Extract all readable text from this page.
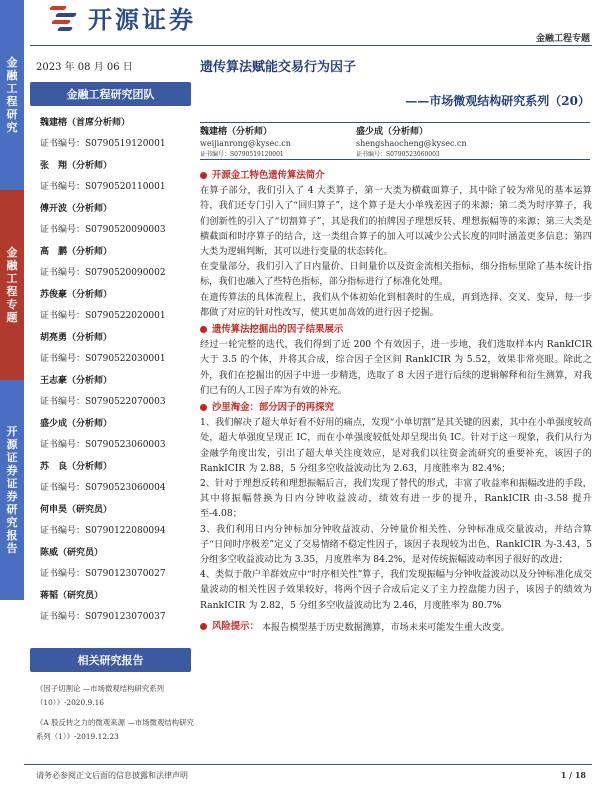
金
融
工
程
研
究
金
融
工
程
专
题
开
源
证
券
证
券
研
究
报
告
开源证券
金融工程专题
2023 年 08 月 06 日
金融工程研究团队
魏建榕（首席分析师）
证书编号：S0790519120001
张　翔（分析师）
证书编号：S0790520110001
傅开波（分析师）
证书编号：S0790520090003
高　鹏（分析师）
证书编号：S0790520090002
苏俊豪（分析师）
证书编号：S0790522020001
胡亮勇（分析师）
证书编号：S0790522030001
王志豪（分析师）
证书编号：S0790522070003
盛少成（分析师）
证书编号：S0790523060003
苏　良（分析师）
证书编号：S0790523060004
何申昊（研究员）
证书编号：S0790122080094
陈威（研究员）
证书编号：S0790123070027
蒋韬（研究员）
证书编号：S0790123070037
相关研究报告

《因子切割论 —市场微观结构研究系列（10）》-2020.9.16

《A 股反转之力的微观来源 —市场微观结构研究系列（1）》-2019.12.23

遗传算法赋能交易行为因子
——市场微观结构研究系列（20）
魏建榕（分析师）
weijianrong@kysec.cn
证书编号：S0790519120001
盛少成（分析师）
shengshaocheng@kysec.cn
证书编号：S0790523060003
开源金工特色遗传算法简介

在算子部分，我们引入了 4 大类算子，第一大类为横截面算子，其中除了较为常见的基本运算符，我们还专门引入了“回归算子”，这个算子是大小单残差因子的来源；第二类为时序算子，我们创新性的引入了“切割算子”，其是我们的拍牌因子理想反转、理想振幅等的来源；第三大类是横截面和时序算子的结合，这一类组合算子的加入可以减少公式长度的同时涵盖更多信息；第四大类为逻辑判断，其可以进行变量的状态转化。

在变量部分，我们引入了日内量价、日间量价以及资金流相关指标，细分指标里除了基本统计指标，我们也融入了些特色指标，部分指标进行了标准化处理。

在遗传算法的具体流程上，我们从个体初始化到相袭时的生成，再到选择、交叉、变异，每一步都做了对应的针对性改写，使其更加高效的进行因子挖掘。

遗传算法挖掘出的因子结果展示

经过一轮完整的迭代，我们得到了近 200 个有效因子，进一步地，我们选取样本内 RankICIR 大于 3.5 的个体，并将其合成，综合因子全区间 RankICIR 为 5.52，效果非常亮眼。除此之外，我们在挖掘出的因子中进一步精选，选取了 8 大因子进行后续的逻辑解释和衍生测算，对我们已有的人工因子库为有效的补充。

沙里淘金：部分因子的再探究

1、我们解决了超大单好看不好用的痛点，发现“小单切割”是其关键的因素，其中在小单强度较高处，超大单强度呈现正 IC，而在小单强度较低处却呈现出负 IC。针对于这一现象，我们从行为金融学角度出发，引出了超大单关注度效应，是对我们以往资金流研究的重要补充，该因子的 RankICIR 为 2.88，5 分组多空收益波动比为 2.63，月度胜率为 82.4%；

2、针对于理想反转和理想振幅后言，我们发现了替代的形式，丰富了收益率和振幅改进的手段，其中将振幅替换为日内分钟收益波动，绩效有进一步的提升，RankICIR 由-3.58 提升至-4.08；

3、我们利用日内分钟标加分钟收益波动、分钟量价相关性、分钟标准成交量波动，并结合算子“日间时序极差”定义了交易情绪不稳定性因子，该因子表现较为出色，RankICIR 为-3.43，5 分组多空收益波动比为 3.35，月度胜率为 84.2%，是对传统振幅波动率因子很好的改进；

4、类似于散户羊群效应中“时序相关性”算子，我们发现振幅与分钟收益波动以及分钟标准化成交量波动的相关性因子效果较好，将两个因子合成后定义了主力控盘能力因子，该因子的绩效为 RankICIR 为 2.82，5 分组多空收益波动比为 2.46，月度胜率为 80.7%

风险提示： 本报告模型基于历史数据测算，市场未来可能发生重大改变。
请务必参阅正文后面的信息披露和法律声明	1 / 18
